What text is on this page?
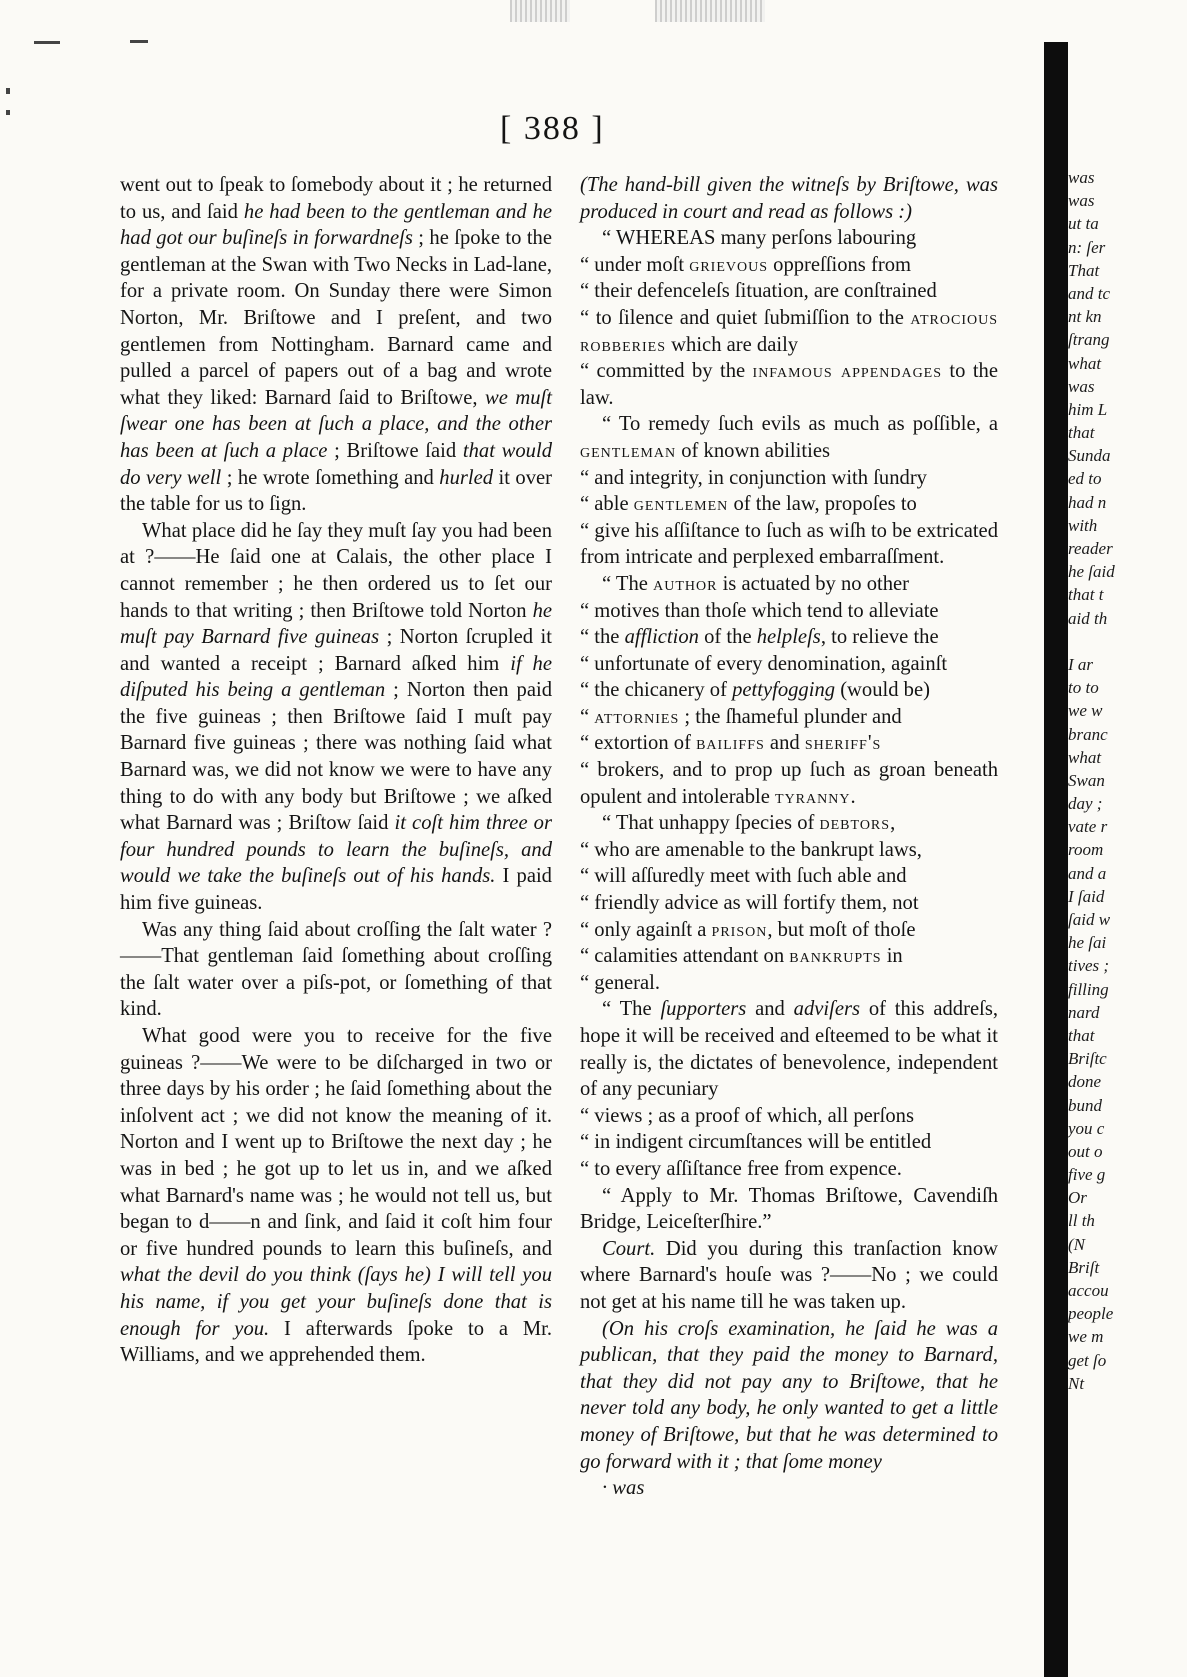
[ 388 ]

went out to ſpeak to ſomebody about it ; he returned to us, and ſaid he had been to the gentleman and he had got our buſineſs in forwardneſs ; he ſpoke to the gentleman at the Swan with Two Necks in Lad-lane, for a private room. On Sunday there were Simon Norton, Mr. Briſtowe and I preſent, and two gentlemen from Nottingham. Barnard came and pulled a parcel of papers out of a bag and wrote what they liked: Barnard ſaid to Briſtowe, we muſt ſwear one has been at ſuch a place, and the other has been at ſuch a place ; Briſtowe ſaid that would do very well ; he wrote ſomething and hurled it over the table for us to ſign.

What place did he ſay they muſt ſay you had been at ?——He ſaid one at Calais, the other place I cannot remember ; he then ordered us to ſet our hands to that writing ; then Briſtowe told Norton he muſt pay Barnard five guineas ; Norton ſcrupled it and wanted a receipt ; Barnard aſked him if he diſputed his being a gentleman ; Norton then paid the five guineas ; then Briſtowe ſaid I muſt pay Barnard five guineas ; there was nothing ſaid what Barnard was, we did not know we were to have any thing to do with any body but Briſtowe ; we aſked what Barnard was ; Briſtow ſaid it coſt him three or four hundred pounds to learn the buſineſs, and would we take the buſineſs out of his hands. I paid him five guineas.

Was any thing ſaid about croſſing the ſalt water ?——That gentleman ſaid ſomething about croſſing the ſalt water over a piſs-pot, or ſomething of that kind.

What good were you to receive for the five guineas ?——We were to be diſcharged in two or three days by his order ; he ſaid ſomething about the inſolvent act ; we did not know the meaning of it. Norton and I went up to Briſtowe the next day ; he was in bed ; he got up to let us in, and we aſked what Barnard's name was ; he would not tell us, but began to d——n and ſink, and ſaid it coſt him four or five hundred pounds to learn this buſineſs, and what the devil do you think (ſays he) I will tell you his name, if you get your buſineſs done that is enough for you. I afterwards ſpoke to a Mr. Williams, and we apprehended them.

(The hand-bill given the witneſs by Briſtowe, was produced in court and read as follows :)

“ WHEREAS many perſons labouring
“ under moſt grievous oppreſſions from
“ their defenceleſs ſituation, are conſtrained
“ to ſilence and quiet ſubmiſſion to the atrocious robberies which are daily
“ committed by the infamous appendages to the law.

“ To remedy ſuch evils as much as poſſible, a gentleman of known abilities
“ and integrity, in conjunction with ſundry
“ able gentlemen of the law, propoſes to
“ give his aſſiſtance to ſuch as wiſh to be extricated from intricate and perplexed embarraſſment.

“ The author is actuated by no other
“ motives than thoſe which tend to alleviate
“ the affliction of the helpleſs, to relieve the
“ unfortunate of every denomination, againſt
“ the chicanery of pettyfogging (would be)
“ attornies ; the ſhameful plunder and
“ extortion of bailiffs and sheriff's
“ brokers, and to prop up ſuch as groan beneath opulent and intolerable tyranny.

“ That unhappy ſpecies of debtors,
“ who are amenable to the bankrupt laws,
“ will aſſuredly meet with ſuch able and
“ friendly advice as will fortify them, not
“ only againſt a prison, but moſt of thoſe
“ calamities attendant on bankrupts in
“ general.

“ The ſupporters and adviſers of this addreſs, hope it will be received and eſteemed to be what it really is, the dictates of benevolence, independent of any pecuniary
“ views ; as a proof of which, all perſons
“ in indigent circumſtances will be entitled
“ to every aſſiſtance free from expence.

“ Apply to Mr. Thomas Briſtowe, Cavendiſh Bridge, Leiceſterſhire.”

Court. Did you during this tranſaction know where Barnard's houſe was ?——No ; we could not get at his name till he was taken up.

(On his croſs examination, he ſaid he was a publican, that they paid the money to Barnard, that they did not pay any to Briſtowe, that he never told any body, he only wanted to get a little money of Briſtowe, but that he was determined to go forward with it ; that ſome money

· was

was
was
ut ta
n: ſer
That
and tc
nt kn
ſtrang
what
was
him L
that
Sunda
ed to
had n
with
reader
he ſaid
that t
aid th
I ar
to to
we w
branc
what
Swan
day ;
vate r
room
and a
I ſaid
ſaid w
he ſai
tives ;
filling
nard
that
Briſtc
done
bund
you c
out o
five g
Or
ll th
(N
Briſt
accou
people
we m
get ſo
Nt
